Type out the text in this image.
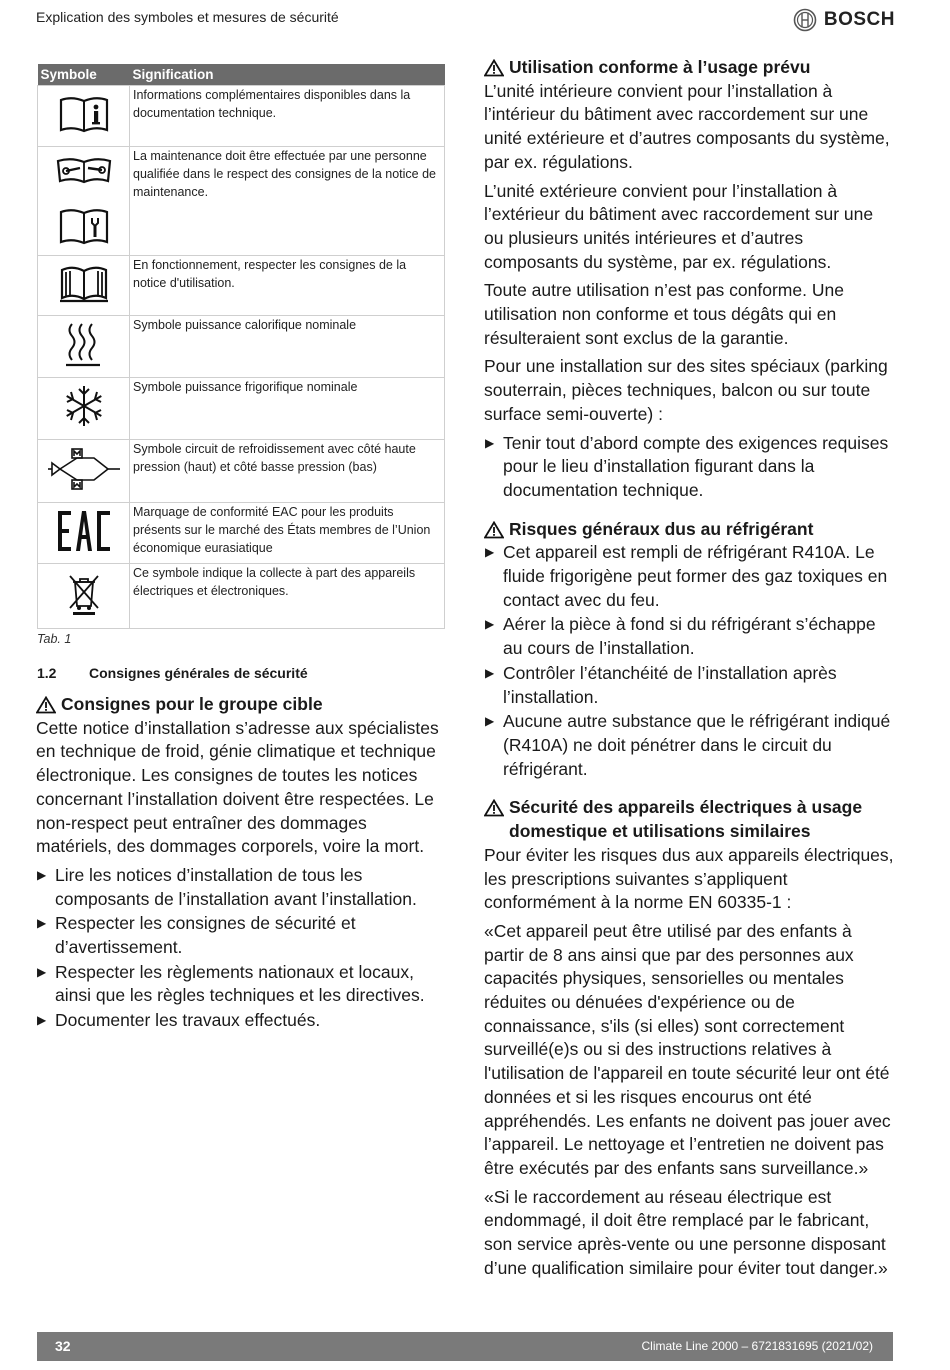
Explication des symboles et mesures de sécurité	BOSCH
Symbole	Signification

Informations complémentaires disponibles dans la documentation technique.

La maintenance doit être effectuée par une personne qualifiée dans le respect des consignes de la notice de maintenance.

En fonctionnement, respecter les consignes de la notice d'utilisation.

Symbole puissance calorifique nominale

Symbole puissance frigorifique nominale

Symbole circuit de refroidissement avec côté haute pression (haut) et côté basse pression (bas)

Marquage de conformité EAC pour les produits présents sur le marché des États membres de l’Union économique eurasiatique

Ce symbole indique la collecte à part des appareils électriques et électroniques.
Tab. 1
1.2 Consignes générales de sécurité
Consignes pour le groupe cible

Cette notice d’installation s’adresse aux spécialistes en technique de froid, génie climatique et technique électronique. Les consignes de toutes les notices concernant l’installation doivent être respectées. Le non-respect peut entraîner des dommages matériels, des dommages corporels, voire la mort.

▶ Lire les notices d’installation de tous les composants de l’installation avant l’installation.
▶ Respecter les consignes de sécurité et d’avertissement.
▶ Respecter les règlements nationaux et locaux, ainsi que les règles techniques et les directives.
▶ Documenter les travaux effectués.
Utilisation conforme à l’usage prévu

L’unité intérieure convient pour l’installation à l’intérieur du bâtiment avec raccordement sur une unité extérieure et d’autres composants du système, par ex. régulations.

L’unité extérieure convient pour l’installation à l’extérieur du bâtiment avec raccordement sur une ou plusieurs unités intérieures et d’autres composants du système, par ex. régulations.

Toute autre utilisation n’est pas conforme. Une utilisation non conforme et tous dégâts qui en résulteraient sont exclus de la garantie.

Pour une installation sur des sites spéciaux (parking souterrain, pièces techniques, balcon ou sur toute surface semi-ouverte) :

▶ Tenir tout d’abord compte des exigences requises pour le lieu d’installation figurant dans la documentation technique.
Risques généraux dus au réfrigérant
▶ Cet appareil est rempli de réfrigérant R410A. Le fluide frigorigène peut former des gaz toxiques en contact avec du feu.
▶ Aérer la pièce à fond si du réfrigérant s’échappe au cours de l’installation.
▶ Contrôler l’étanchéité de l’installation après l’installation.
▶ Aucune autre substance que le réfrigérant indiqué (R410A) ne doit pénétrer dans le circuit du réfrigérant.
Sécurité des appareils électriques à usage domestique et utilisations similaires

Pour éviter les risques dus aux appareils électriques, les prescriptions suivantes s’appliquent conformément à la norme EN 60335-1 :

«Cet appareil peut être utilisé par des enfants à partir de 8 ans ainsi que par des personnes aux capacités physiques, sensorielles ou mentales réduites ou dénuées d'expérience ou de connaissance, s'ils (si elles) sont correctement surveillé(e)s ou si des instructions relatives à l'utilisation de l'appareil en toute sécurité leur ont été données et si les risques encourus ont été appréhendés. Les enfants ne doivent pas jouer avec l’appareil. Le nettoyage et l’entretien ne doivent pas être exécutés par des enfants sans surveillance.»

«Si le raccordement au réseau électrique est endommagé, il doit être remplacé par le fabricant, son service après-vente ou une personne disposant d’une qualification similaire pour éviter tout danger.»

32	Climate Line 2000 – 6721831695 (2021/02)
